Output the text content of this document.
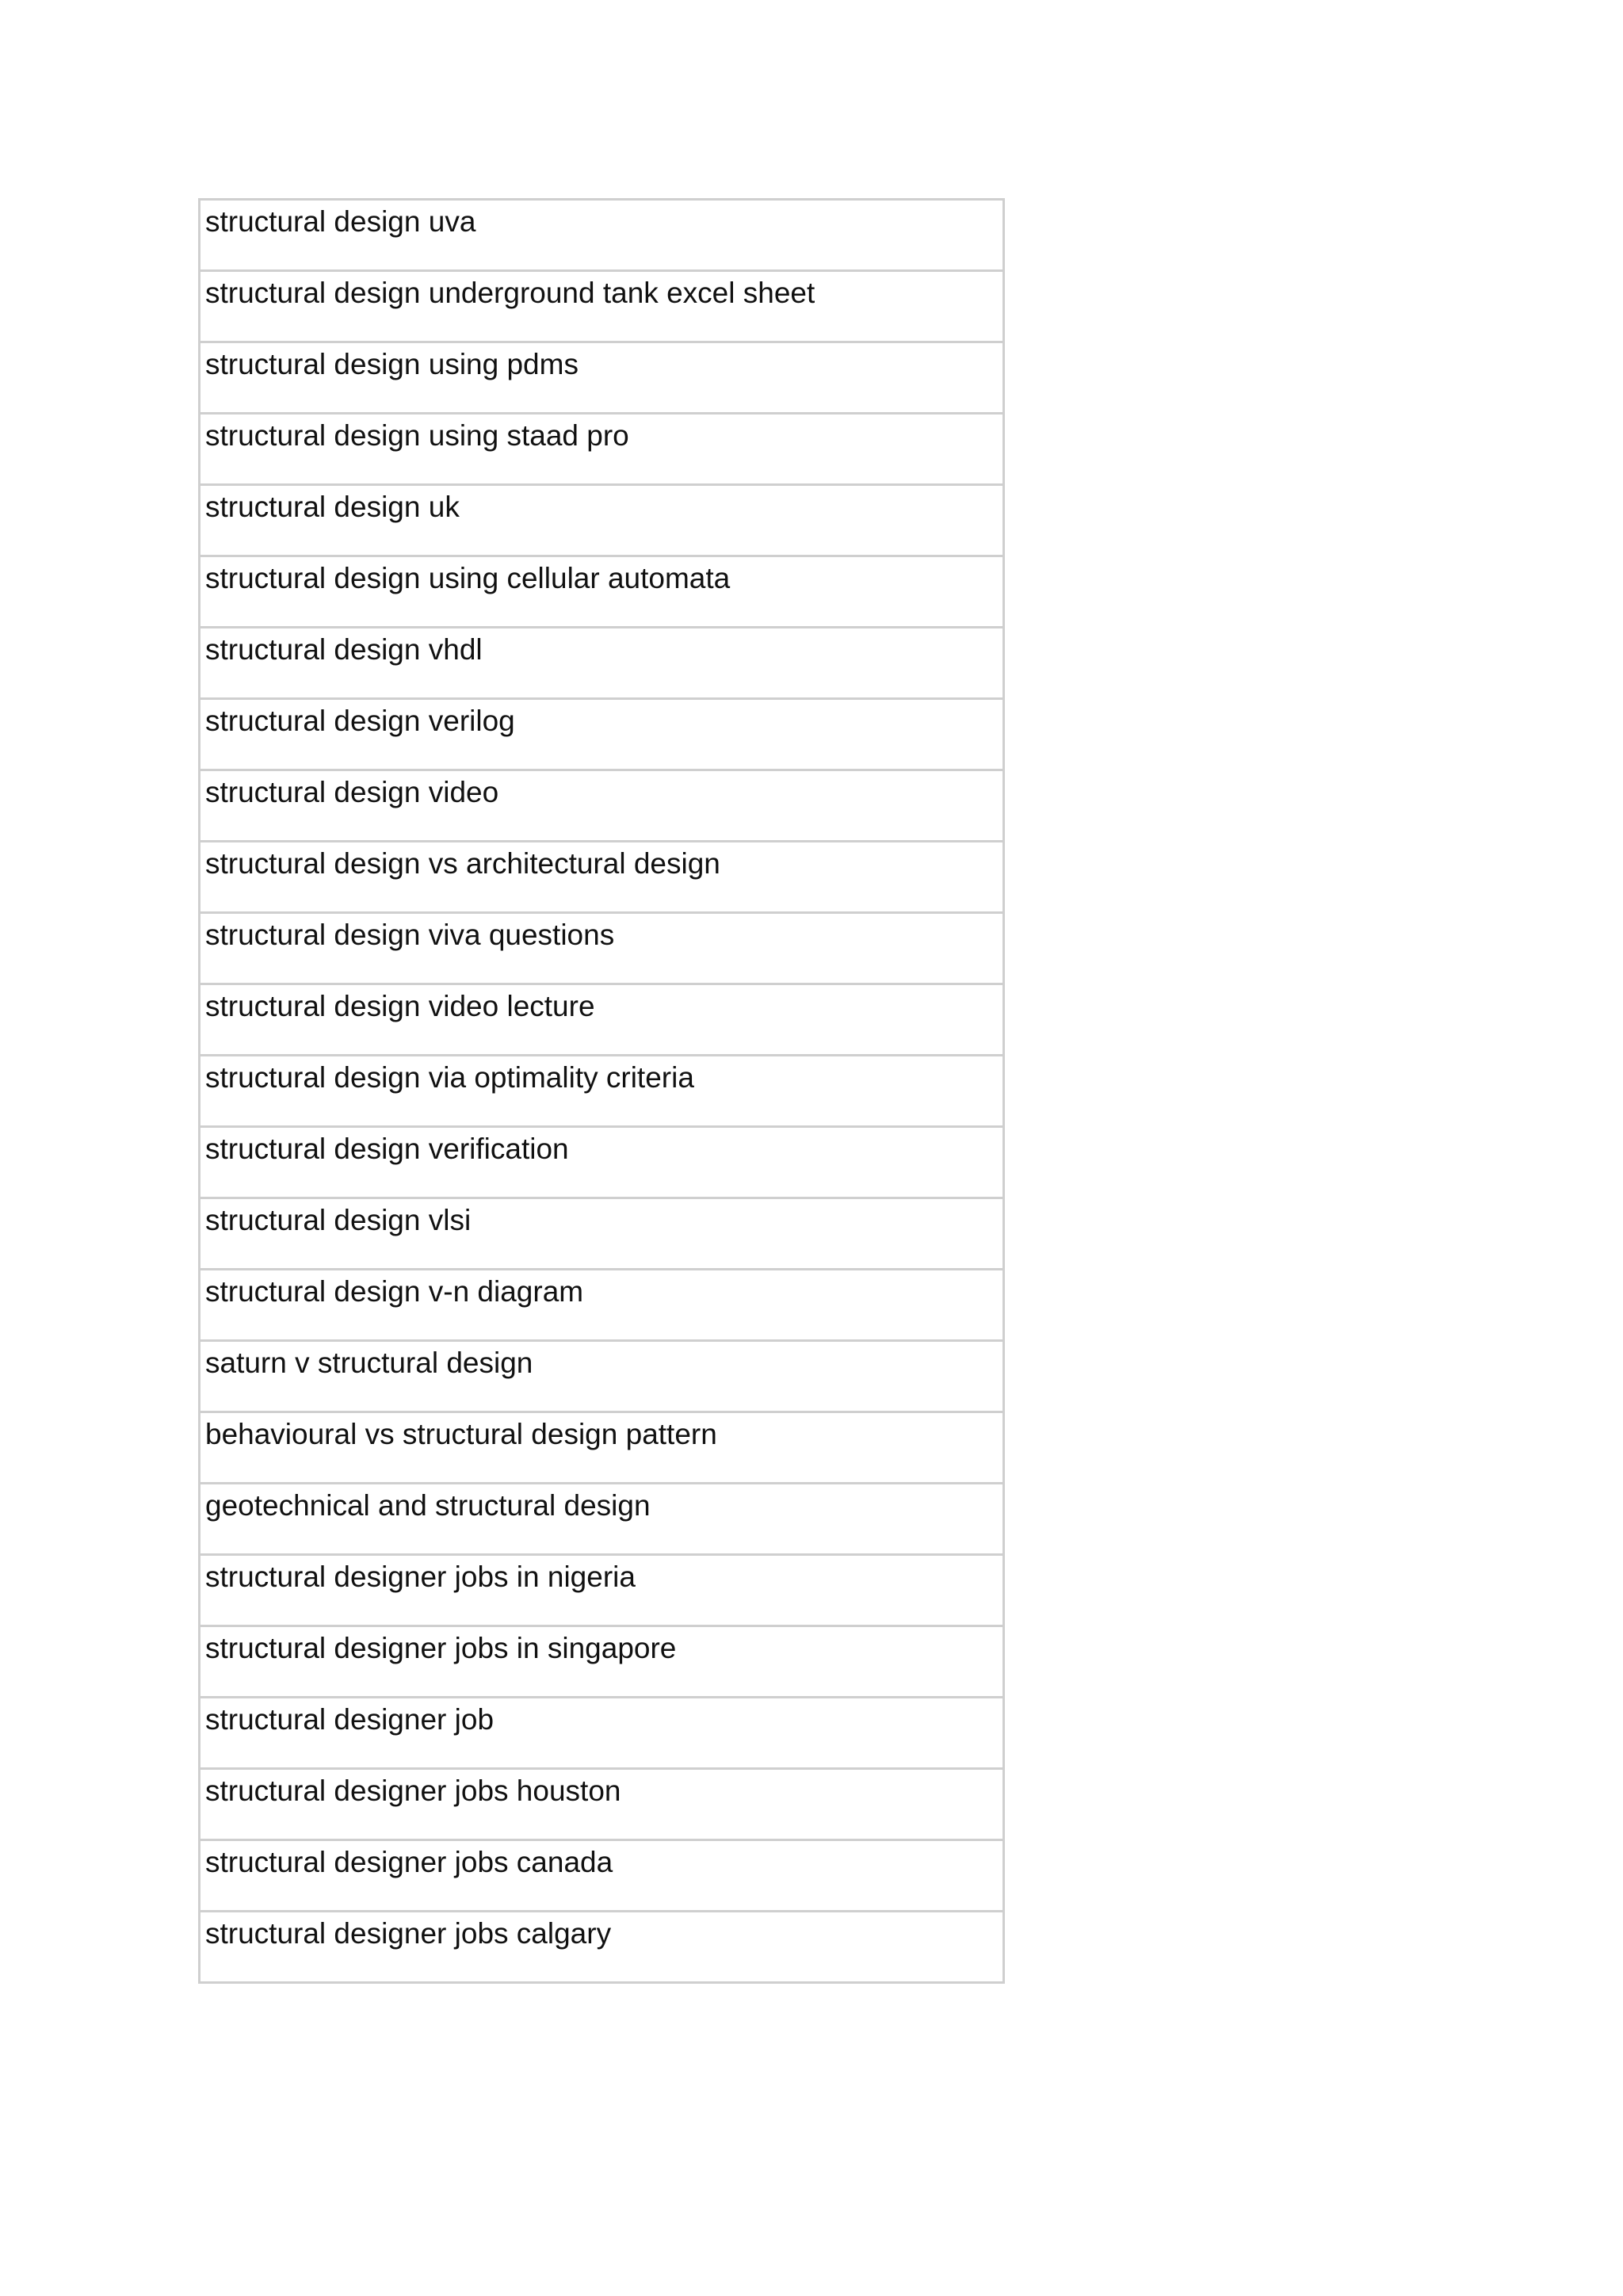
structural design uva
structural design underground tank excel sheet
structural design using pdms
structural design using staad pro
structural design uk
structural design using cellular automata
structural design vhdl
structural design verilog
structural design video
structural design vs architectural design
structural design viva questions
structural design video lecture
structural design via optimality criteria
structural design verification
structural design vlsi
structural design v-n diagram
saturn v structural design
behavioural vs structural design pattern
geotechnical and structural design
structural designer jobs in nigeria
structural designer jobs in singapore
structural designer job
structural designer jobs houston
structural designer jobs canada
structural designer jobs calgary
